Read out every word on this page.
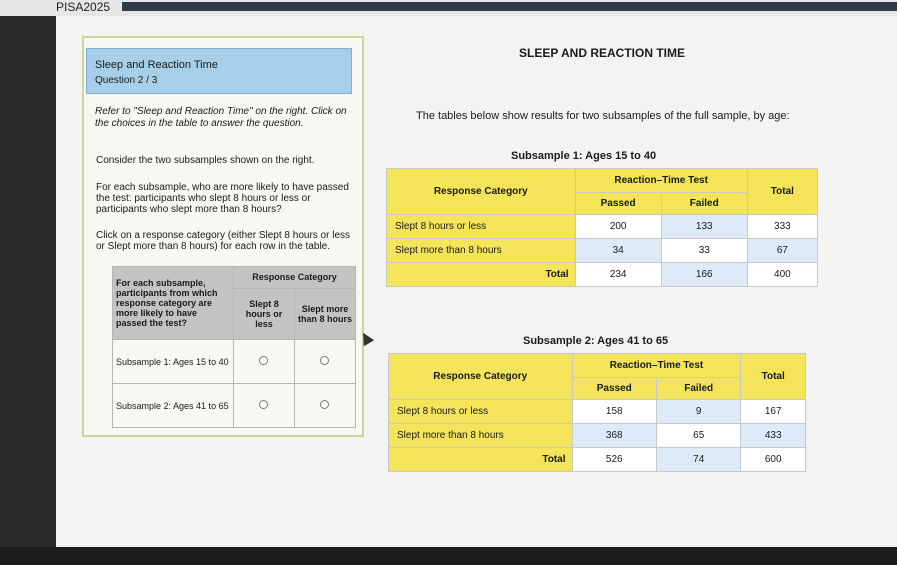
PISA2025
Sleep and Reaction Time
Question 2 / 3
Refer to "Sleep and Reaction Time" on the right. Click on the choices in the table to answer the question.
Consider the two subsamples shown on the right.
For each subsample, who are more likely to have passed the test: participants who slept 8 hours or less or participants who slept more than 8 hours?
Click on a response category (either Slept 8 hours or less or Slept more than 8 hours) for each row in the table.
For each subsample, participants from which response category are more likely to have passed the test?	Response Category	
	Slept 8 hours or less	Slept more than 8 hours
Subsample 1: Ages 15 to 40		
Subsample 2: Ages 41 to 65		
SLEEP AND REACTION TIME
The tables below show results for two subsamples of the full sample, by age:
Subsample 1: Ages 15 to 40
Response Category	Reaction–Time Test		Total
	Passed	Failed	
Slept 8 hours or less	200	133	333
Slept more than 8 hours	34	33	67
Total	234	166	400
Subsample 2: Ages 41 to 65
Response Category	Reaction–Time Test		Total
	Passed	Failed	
Slept 8 hours or less	158	9	167
Slept more than 8 hours	368	65	433
Total	526	74	600
